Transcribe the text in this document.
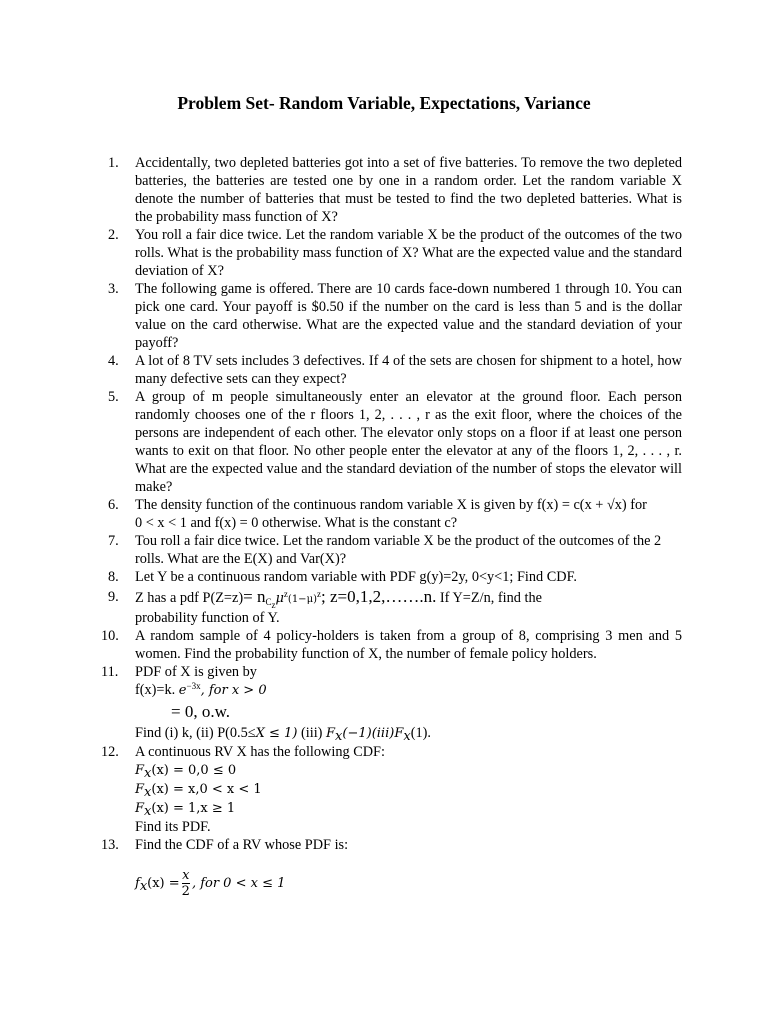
Problem Set- Random Variable, Expectations, Variance
1.	Accidentally, two depleted batteries got into a set of five batteries. To remove the two depleted batteries, the batteries are tested one by one in a random order. Let the random variable X denote the number of batteries that must be tested to find the two depleted batteries. What is the probability mass function of X?
2.	You roll a fair dice twice. Let the random variable X be the product of the outcomes of the two rolls. What is the probability mass function of X? What are the expected value and the standard deviation of X?
3.	The following game is offered. There are 10 cards face-down numbered 1 through 10. You can pick one card. Your payoff is $0.50 if the number on the card is less than 5 and is the dollar value on the card otherwise. What are the expected value and the standard deviation of your payoff?
4.	A lot of 8 TV sets includes 3 defectives. If 4 of the sets are chosen for shipment to a hotel, how many defective sets can they expect?
5.	A group of m people simultaneously enter an elevator at the ground floor. Each person randomly chooses one of the r floors 1, 2, . . . , r as the exit floor, where the choices of the persons are independent of each other. The elevator only stops on a floor if at least one person wants to exit on that floor. No other people enter the elevator at any of the floors 1, 2, . . . , r. What are the expected value and the standard deviation of the number of stops the elevator will make?
6.	The density function of the continuous random variable X is given by f(x) = c(x + √x) for
0 < x < 1 and f(x) = 0 otherwise. What is the constant c?
7.	Tou roll a fair dice twice. Let the random variable X be the product of the outcomes of the 2 rolls. What are the E(X) and Var(X)?
8.	Let Y be a continuous random variable with PDF g(y)=2y, 0<y<1; Find CDF.
9.	Z has a pdf $P(Z=z)= n_{C_z}\mu^z(1-\mu)^z$; z=0,1,2,…….n. If Y=Z/n, find the
probability function of Y.
10.	A random sample of 4 policy-holders is taken from a group of 8, comprising 3 men and 5 women. Find the probability function of X, the number of female policy holders.
11.	PDF of X is given by
f(x)=k. $e^{-3x}$, for x > 0
= 0, o.w.
Find (i) k, (ii) P(0.5≤X ≤ 1) (iii) $F_x(-1)(iii)F_x(1)$.
12.	A continuous RV X has the following CDF:
$F_x(x) = 0,0 \le 0$
$F_x(x) = x,0 < x < 1$
$F_x(x) = 1,x \ge 1$
Find its PDF.
13.	Find the CDF of a RV whose PDF is:
$f_x(x) = \frac{x}{2}$ , for 0 < x ≤ 1
